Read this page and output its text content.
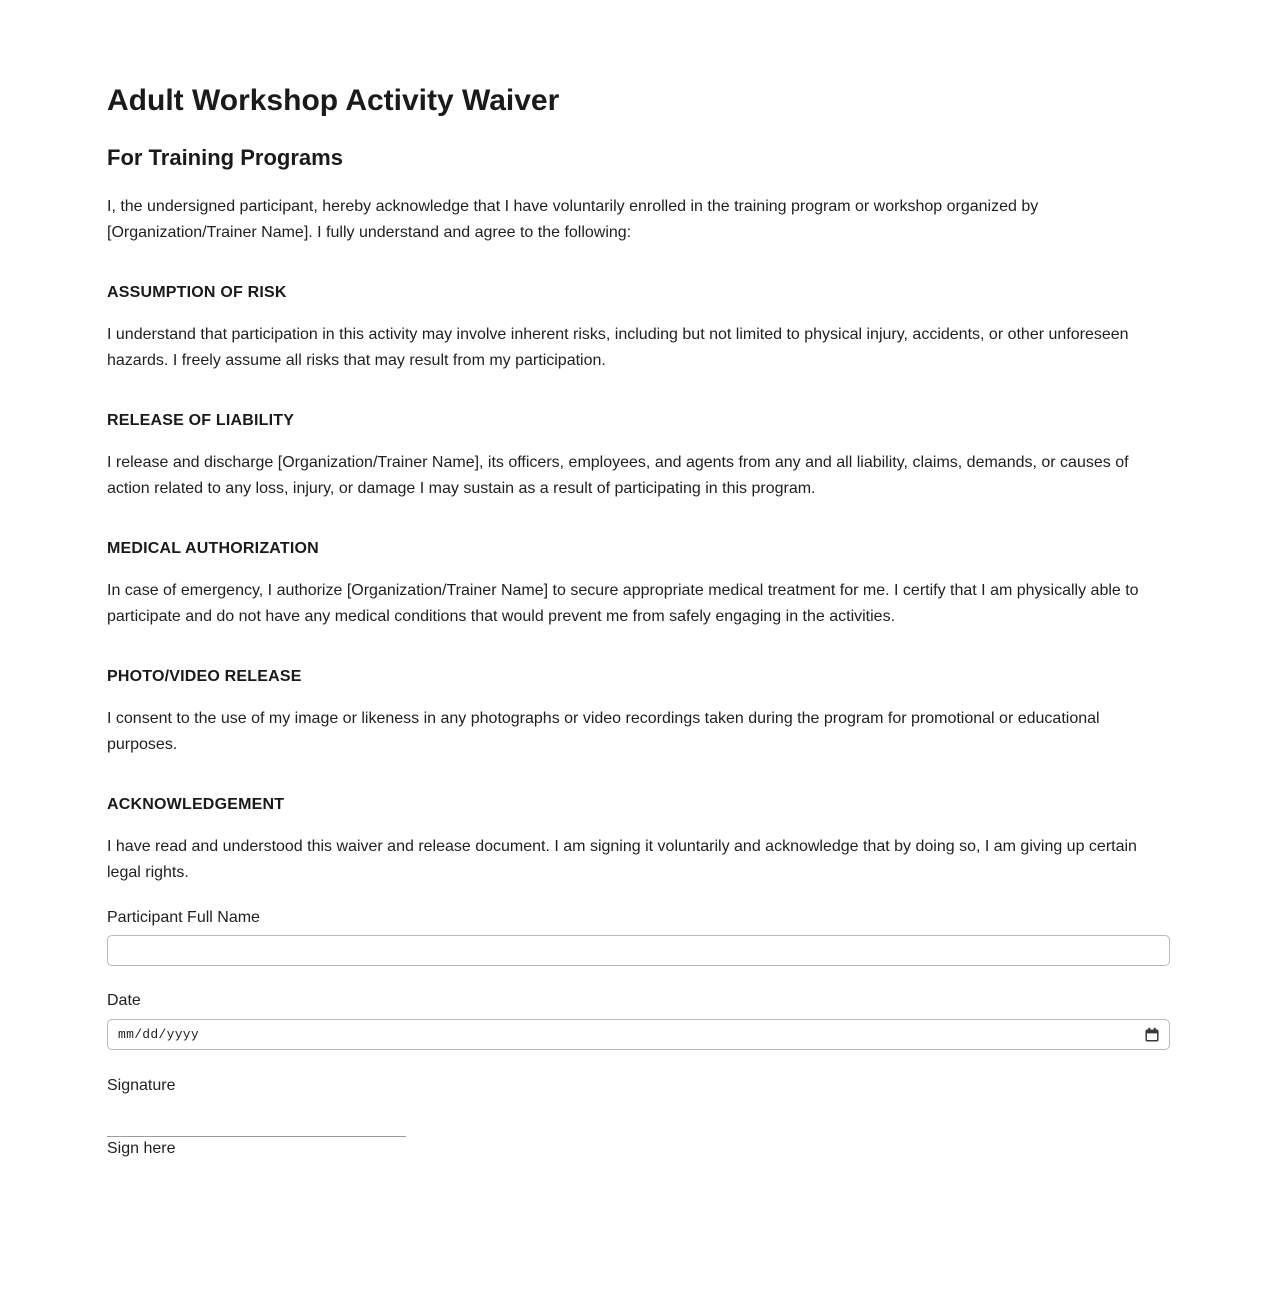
Adult Workshop Activity Waiver
For Training Programs

I, the undersigned participant, hereby acknowledge that I have voluntarily enrolled in the training program or workshop organized by [Organization/Trainer Name]. I fully understand and agree to the following:

ASSUMPTION OF RISK

I understand that participation in this activity may involve inherent risks, including but not limited to physical injury, accidents, or other unforeseen hazards. I freely assume all risks that may result from my participation.

RELEASE OF LIABILITY

I release and discharge [Organization/Trainer Name], its officers, employees, and agents from any and all liability, claims, demands, or causes of action related to any loss, injury, or damage I may sustain as a result of participating in this program.

MEDICAL AUTHORIZATION

In case of emergency, I authorize [Organization/Trainer Name] to secure appropriate medical treatment for me. I certify that I am physically able to participate and do not have any medical conditions that would prevent me from safely engaging in the activities.

PHOTO/VIDEO RELEASE

I consent to the use of my image or likeness in any photographs or video recordings taken during the program for promotional or educational purposes.

ACKNOWLEDGEMENT

I have read and understood this waiver and release document. I am signing it voluntarily and acknowledge that by doing so, I am giving up certain legal rights.

Participant Full Name
Date
mm/dd/yyyy
Signature
Sign here
